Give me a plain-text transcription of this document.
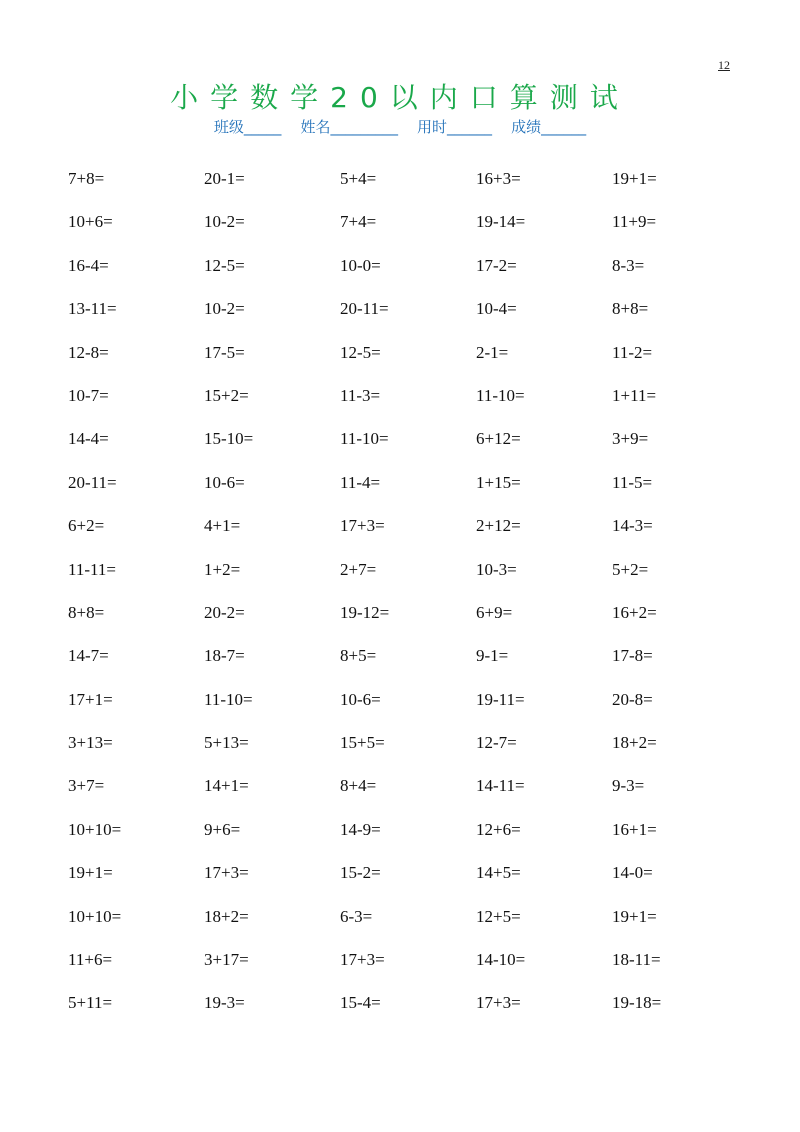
12
小学数学20以内口算测试
班级_____    姓名_________    用时______    成绩______
7+8=	20-1=	5+4=	16+3=	19+1=
10+6=	10-2=	7+4=	19-14=	11+9=
16-4=	12-5=	10-0=	17-2=	8-3=
13-11=	10-2=	20-11=	10-4=	8+8=
12-8=	17-5=	12-5=	2-1=	11-2=
10-7=	15+2=	11-3=	11-10=	1+11=
14-4=	15-10=	11-10=	6+12=	3+9=
20-11=	10-6=	11-4=	1+15=	11-5=
6+2=	4+1=	17+3=	2+12=	14-3=
11-11=	1+2=	2+7=	10-3=	5+2=
8+8=	20-2=	19-12=	6+9=	16+2=
14-7=	18-7=	8+5=	9-1=	17-8=
17+1=	11-10=	10-6=	19-11=	20-8=
3+13=	5+13=	15+5=	12-7=	18+2=
3+7=	14+1=	8+4=	14-11=	9-3=
10+10=	9+6=	14-9=	12+6=	16+1=
19+1=	17+3=	15-2=	14+5=	14-0=
10+10=	18+2=	6-3=	12+5=	19+1=
11+6=	3+17=	17+3=	14-10=	18-11=
5+11=	19-3=	15-4=	17+3=	19-18=
